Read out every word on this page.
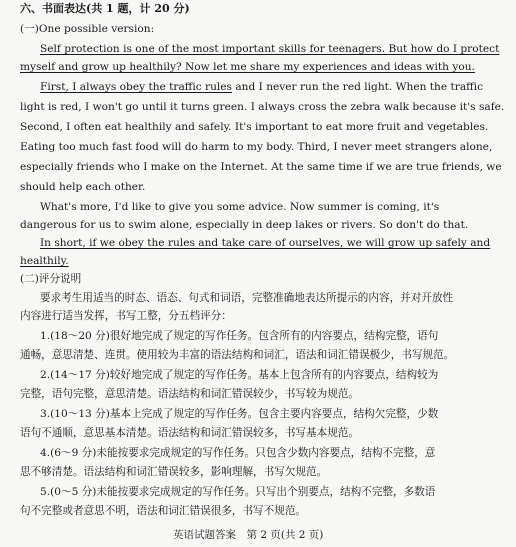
六、书面表达(共 1 题，计 20 分)
(一)One possible version:
Self protection is one of the most important skills for teenagers. But how do I protect
myself and grow up healthily? Now let me share my experiences and ideas with you.
First, I always obey the traffic rules and I never run the red light. When the traffic
light is red, I won't go until it turns green. I always cross the zebra walk because it's safe.
Second, I often eat healthily and safely. It's important to eat more fruit and vegetables.
Eating too much fast food will do harm to my body. Third, I never meet strangers alone,
especially friends who I make on the Internet. At the same time if we are true friends, we
should help each other.
What's more, I'd like to give you some advice. Now summer is coming, it's
dangerous for us to swim alone, especially in deep lakes or rivers. So don't do that.
In short, if we obey the rules and take care of ourselves, we will grow up safely and
healthily.
(二)评分说明
要求考生用适当的时态、语态、句式和词语，完整准确地表达所提示的内容，并对开放性
内容进行适当发挥，书写工整，分五档评分：
1.(18～20 分)很好地完成了规定的写作任务。包含所有的内容要点，结构完整，语句
通畅，意思清楚、连贯。使用较为丰富的语法结构和词汇，语法和词汇错误极少，书写规范。
2.(14～17 分)较好地完成了规定的写作任务。基本上包含所有的内容要点，结构较为
完整，语句完整，意思清楚。语法结构和词汇错误较少，书写较为规范。
3.(10～13 分)基本上完成了规定的写作任务。包含主要内容要点，结构欠完整，少数
语句不通顺，意思基本清楚。语法结构和词汇错误较多，书写基本规范。
4.(6～9 分)未能按要求完成规定的写作任务。只包含少数内容要点，结构不完整，意
思不够清楚。语法结构和词汇错误较多，影响理解，书写欠规范。
5.(0～5 分)未能按要求完成规定的写作任务。只写出个别要点，结构不完整，多数语
句不完整或者意思不明，语法和词汇错误很多，书写不规范。
英语试题答案　第 2 页(共 2 页)
